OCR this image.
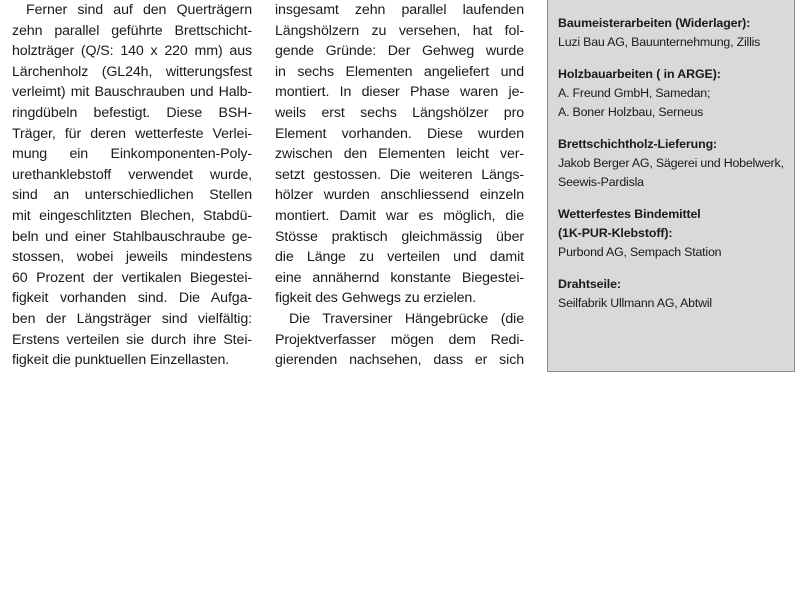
Ferner sind auf den Querträgern
zehn parallel geführte Brettschicht-
holzträger (Q/S: 140 x 220 mm) aus
Lärchenholz (GL24h, witterungsfest
verleimt) mit Bauschrauben und Halb-
ringdübeln befestigt. Diese BSH-
Träger, für deren wetterfeste Verlei-
mung ein Einkomponenten-Poly-
urethanklebstoff verwendet wurde,
sind an unterschiedlichen Stellen
mit eingeschlitzten Blechen, Stabdü-
beln und einer Stahlbauschraube ge-
stossen, wobei jeweils mindestens
60 Prozent der vertikalen Biegestei-
figkeit vorhanden sind. Die Aufga-
ben der Längsträger sind vielfältig:
Erstens verteilen sie durch ihre Stei-
figkeit die punktuellen Einzellasten.
insgesamt zehn parallel laufenden
Längshölzern zu versehen, hat fol-
gende Gründe: Der Gehweg wurde
in sechs Elementen angeliefert und
montiert. In dieser Phase waren je-
weils erst sechs Längshölzer pro
Element vorhanden. Diese wurden
zwischen den Elementen leicht ver-
setzt gestossen. Die weiteren Längs-
hölzer wurden anschliessend einzeln
montiert. Damit war es möglich, die
Stösse praktisch gleichmässig über
die Länge zu verteilen und damit
eine annähernd konstante Biegestei-
figkeit des Gehwegs zu erzielen.
Die Traversiner Hängebrücke (die
Projektverfasser mögen dem Redi-
gierenden nachsehen, dass er sich
Baumeisterarbeiten (Widerlager):
Luzi Bau AG, Bauunternehmung, Zillis
Holzbauarbeiten ( in ARGE):
A. Freund GmbH, Samedan;
A. Boner Holzbau, Serneus
Brettschichtholz-Lieferung:
Jakob Berger AG, Sägerei und Hobelwerk,
Seewis-Pardisla
Wetterfestes Bindemittel
(1K-PUR-Klebstoff):
Purbond AG, Sempach Station
Drahtseile:
Seilfabrik Ullmann AG, Abtwil
